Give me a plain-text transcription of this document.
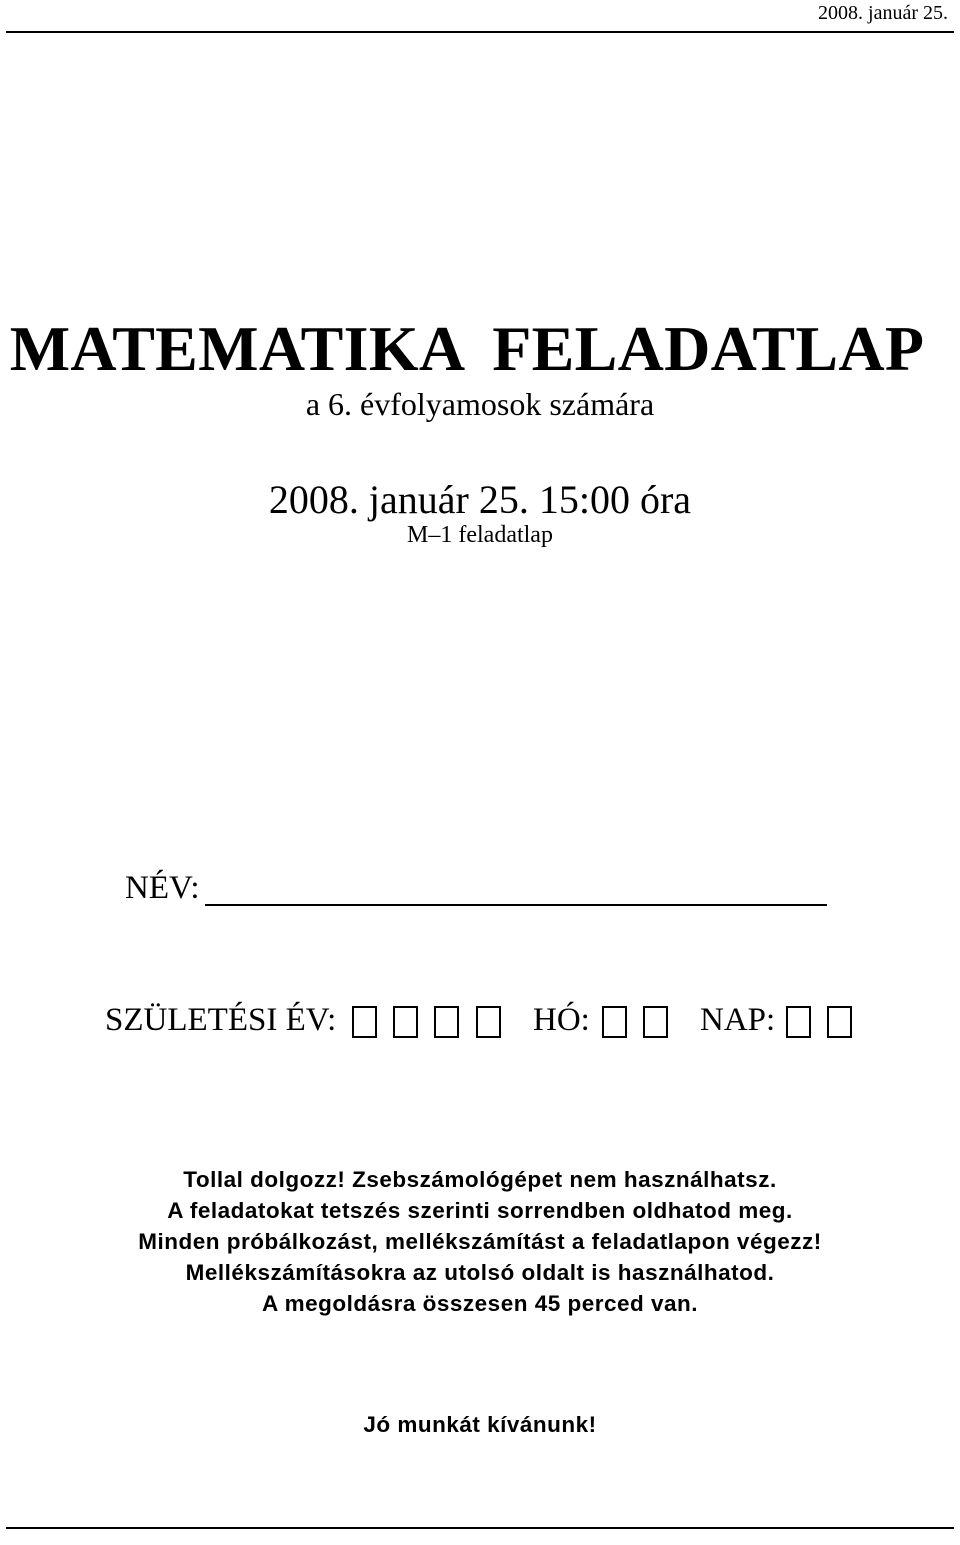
2008. január 25.
MATEMATIKA FELADATLAP
a 6. évfolyamosok számára
2008. január 25. 15:00 óra
M–1 feladatlap
NÉV:
SZÜLETÉSI ÉV:	HÓ:	NAP:
Tollal dolgozz! Zsebszámológépet nem használhatsz.
A feladatokat tetszés szerinti sorrendben oldhatod meg.
Minden próbálkozást, mellékszámítást a feladatlapon végezz!
Mellékszámításokra az utolsó oldalt is használhatod.
A megoldásra összesen 45 perced van.
Jó munkát kívánunk!
